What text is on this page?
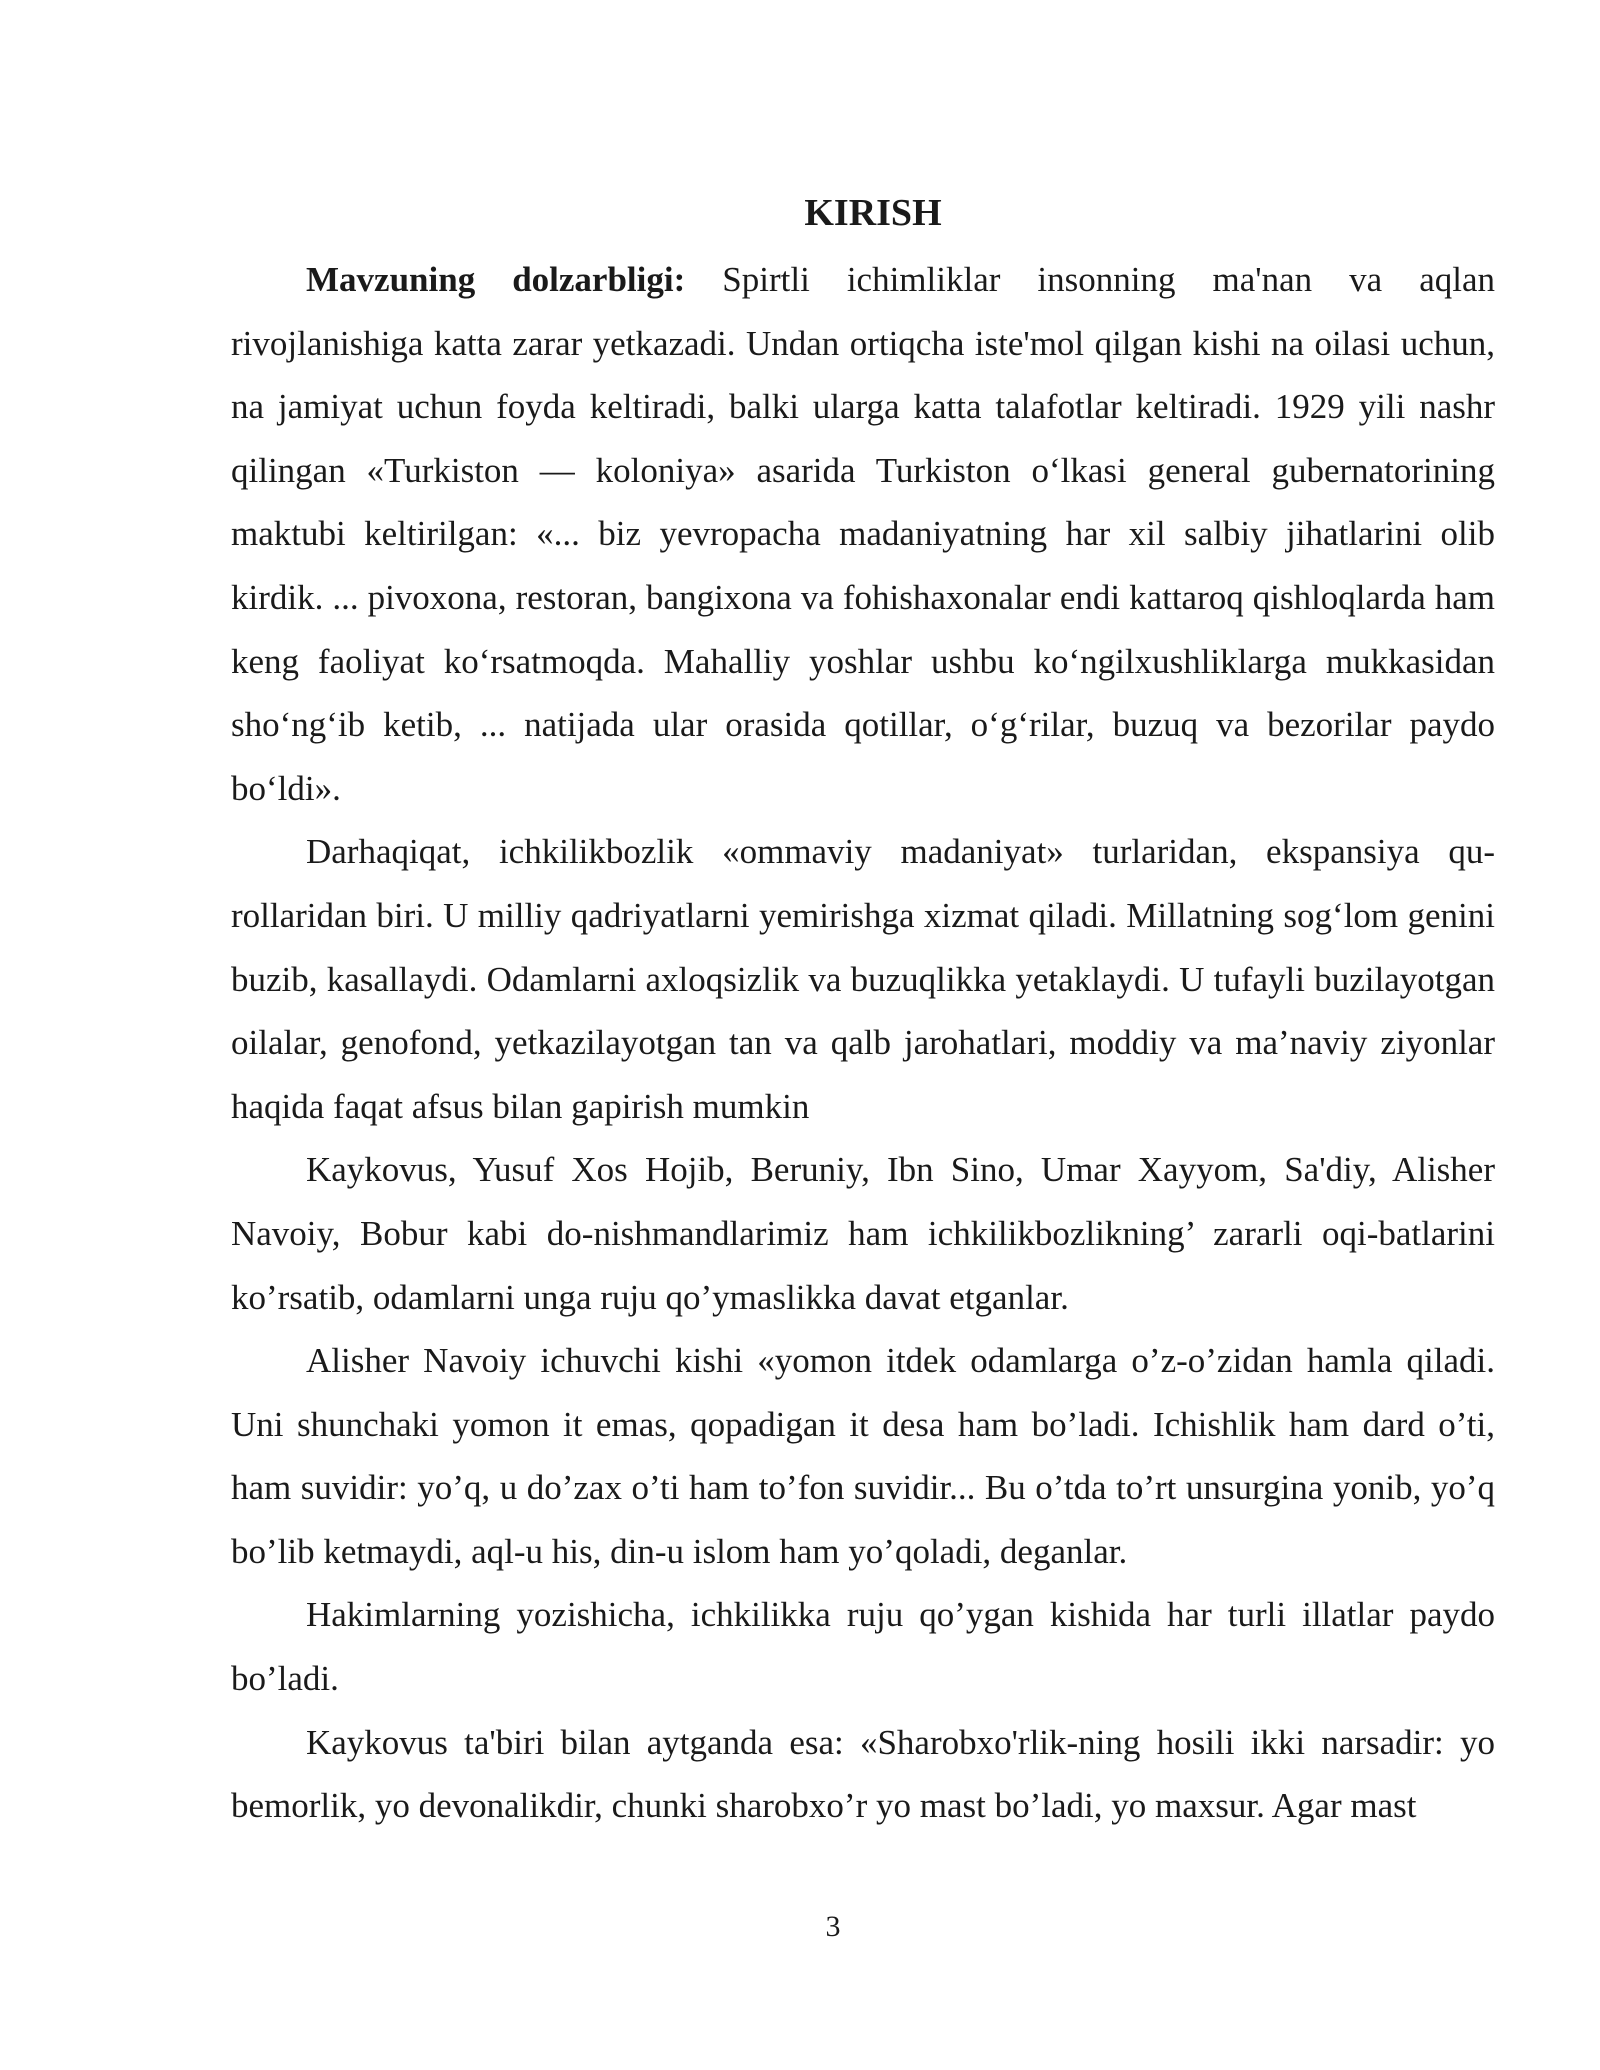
KIRISH

Mavzuning dolzarbligi: Spirtli ichimliklar insonning ma'nan va aqlan rivojlanishiga katta zarar yetkazadi. Undan ortiqcha iste'mol qilgan kishi na oilasi uchun, na jamiyat uchun foyda keltiradi, balki ularga katta talafotlar keltiradi. 1929 yili nashr qilingan «Turkiston — koloniya» asarida Turkiston o‘lkasi general gubernatorining maktubi keltirilgan: «... biz yevropacha madaniyatning har xil salbiy jihatlarini olib kirdik. ... pivoxona, restoran, bangixona va fohishaxonalar endi kattaroq qishloqlarda ham keng faoliyat ko‘rsatmoqda. Mahalliy yoshlar ushbu ko‘ngilxushliklarga mukkasidan sho‘ng‘ib ketib, ... natijada ular orasida qotillar, o‘g‘rilar, buzuq va bezorilar paydo bo‘ldi».

Darhaqiqat, ichkilikbozlik «ommaviy madaniyat» turlaridan, ekspansiya qurollaridan biri. U milliy qadriyatlarni yemirishga xizmat qiladi. Millatning sog‘lom genini buzib, kasallaydi. Odamlarni axloqsizlik va buzuqlikka yetaklaydi. U tufayli buzilayotgan oilalar, genofond, yetkazilayotgan tan va qalb jarohatlari, moddiy va ma’naviy ziyonlar haqida faqat afsus bilan gapirish mumkin

Kaykovus, Yusuf Xos Hojib, Beruniy, Ibn Sino, Umar Xayyom, Sa'diy, Alisher Navoiy, Bobur kabi do-nishmandlarimiz ham ichkilikbozlikning’ zararli oqi-batlarini ko’rsatib, odamlarni unga ruju qo’ymaslikka davat etganlar.

Alisher Navoiy ichuvchi kishi «yomon itdek odamlarga o’z-o’zidan hamla qiladi. Uni shunchaki yomon it emas, qopadigan it desa ham bo’ladi. Ichishlik ham dard o’ti, ham suvidir: yo’q, u do’zax o’ti ham to’fon suvidir... Bu o’tda to’rt unsurgina yonib, yo’q bo’lib ketmaydi, aql-u his, din-u islom ham yo’qoladi, deganlar.

Hakimlarning yozishicha, ichkilikka ruju qo’ygan kishida har turli illatlar paydo bo’ladi.

Kaykovus ta'biri bilan aytganda esa: «Sharobxo'rlik-ning hosili ikki narsadir: yo bemorlik, yo devonalikdir, chunki sharobxo’r yo mast bo’ladi, yo maxsur. Agar mast

3
